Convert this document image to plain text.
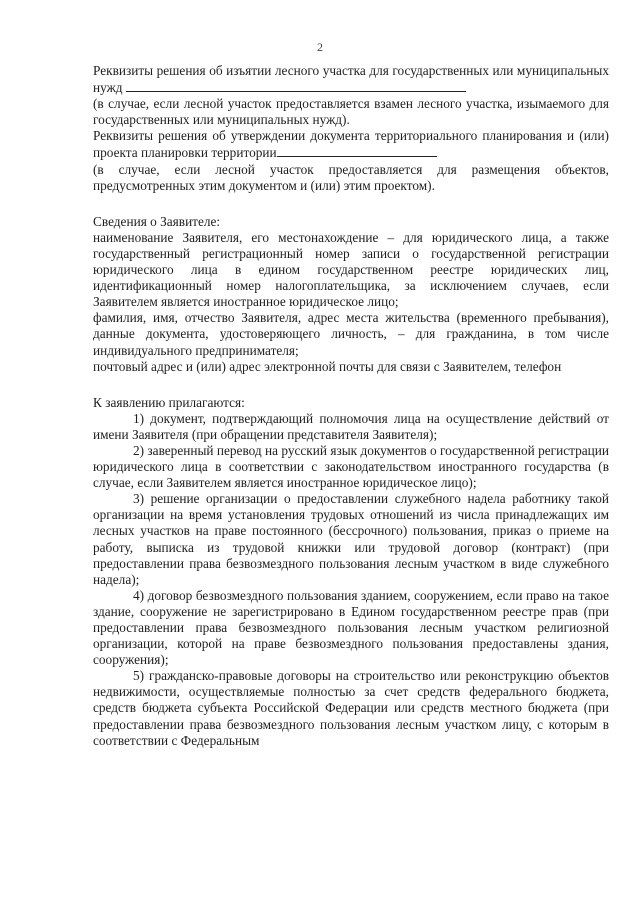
2

Реквизиты решения об изъятии лесного участка для государственных или муниципальных нужд

(в случае, если лесной участок предоставляется взамен лесного участка, изымаемого для государственных или муниципальных нужд).

Реквизиты решения об утверждении документа территориального планирования и (или) проекта планировки территории

(в случае, если лесной участок предоставляется для размещения объектов, предусмотренных этим документом и (или) этим проектом).

Сведения о Заявителе:

наименование Заявителя, его местонахождение – для юридического лица, а также государственный регистрационный номер записи о государственной регистрации юридического лица в едином государственном реестре юридических лиц, идентификационный номер налогоплательщика, за исключением случаев, если Заявителем является иностранное юридическое лицо;

фамилия, имя, отчество Заявителя, адрес места жительства (временного пребывания), данные документа, удостоверяющего личность, – для гражданина, в том числе индивидуального предпринимателя;

почтовый адрес и (или) адрес электронной почты для связи с Заявителем, телефон

К заявлению прилагаются:

1) документ, подтверждающий полномочия лица на осуществление действий от имени Заявителя (при обращении представителя Заявителя);

2) заверенный перевод на русский язык документов о государственной регистрации юридического лица в соответствии с законодательством иностранного государства (в случае, если Заявителем является иностранное юридическое лицо);

3) решение организации о предоставлении служебного надела работнику такой организации на время установления трудовых отношений из числа принадлежащих им лесных участков на праве постоянного (бессрочного) пользования, приказ о приеме на работу, выписка из трудовой книжки или трудовой договор (контракт) (при предоставлении права безвозмездного пользования лесным участком в виде служебного надела);

4) договор безвозмездного пользования зданием, сооружением, если право на такое здание, сооружение не зарегистрировано в Едином государственном реестре прав (при предоставлении права безвозмездного пользования лесным участком религиозной организации, которой на праве безвозмездного пользования предоставлены здания, сооружения);

5) гражданско-правовые договоры на строительство или реконструкцию объектов недвижимости, осуществляемые полностью за счет средств федерального бюджета, средств бюджета субъекта Российской Федерации или средств местного бюджета (при предоставлении права безвозмездного пользования лесным участком лицу, с которым в соответствии с Федеральным
